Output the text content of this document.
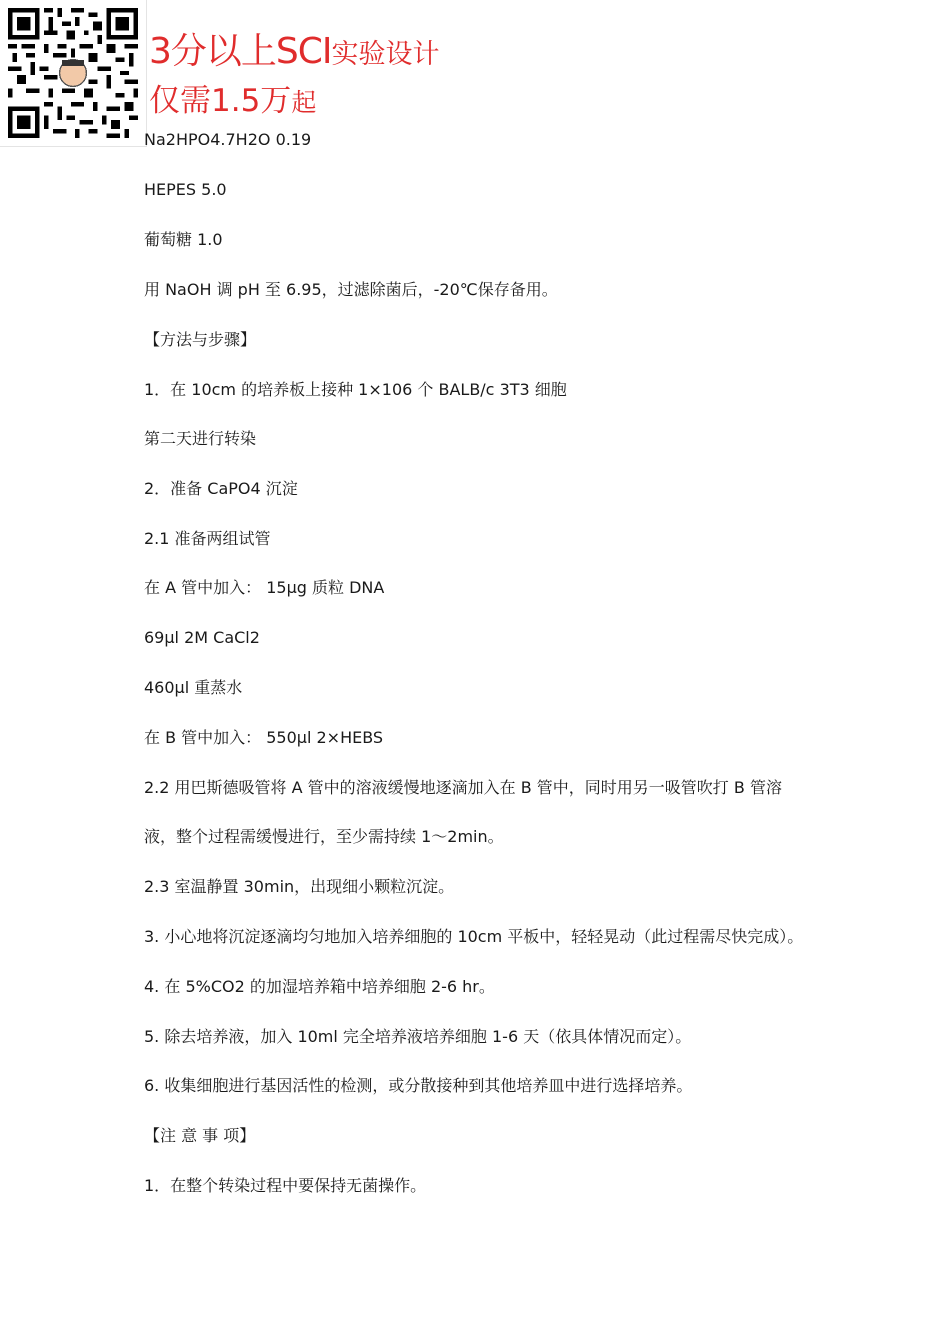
3分以上SCI实验设计
仅需1.5万起
Na2HPO4.7H2O 0.19
HEPES 5.0
葡萄糖 1.0
用 NaOH 调 pH 至 6.95，过滤除菌后，-20℃保存备用。
【方法与步骤】
1．在 10cm 的培养板上接种 1×106 个 BALB/c 3T3 细胞
第二天进行转染
2．准备 CaPO4 沉淀
2.1 准备两组试管
在 A 管中加入： 15μg 质粒 DNA
69μl 2M CaCl2
460μl 重蒸水
在 B 管中加入： 550μl 2×HEBS
2.2 用巴斯德吸管将 A 管中的溶液缓慢地逐滴加入在 B 管中，同时用另一吸管吹打 B 管溶
液，整个过程需缓慢进行，至少需持续 1～2min。
2.3 室温静置 30min，出现细小颗粒沉淀。
3. 小心地将沉淀逐滴均匀地加入培养细胞的 10cm 平板中，轻轻晃动（此过程需尽快完成）。
4. 在 5%CO2 的加湿培养箱中培养细胞 2-6 hr。
5. 除去培养液，加入 10ml 完全培养液培养细胞 1-6 天（依具体情况而定）。
6. 收集细胞进行基因活性的检测，或分散接种到其他培养皿中进行选择培养。
【注 意 事 项】
1．在整个转染过程中要保持无菌操作。
